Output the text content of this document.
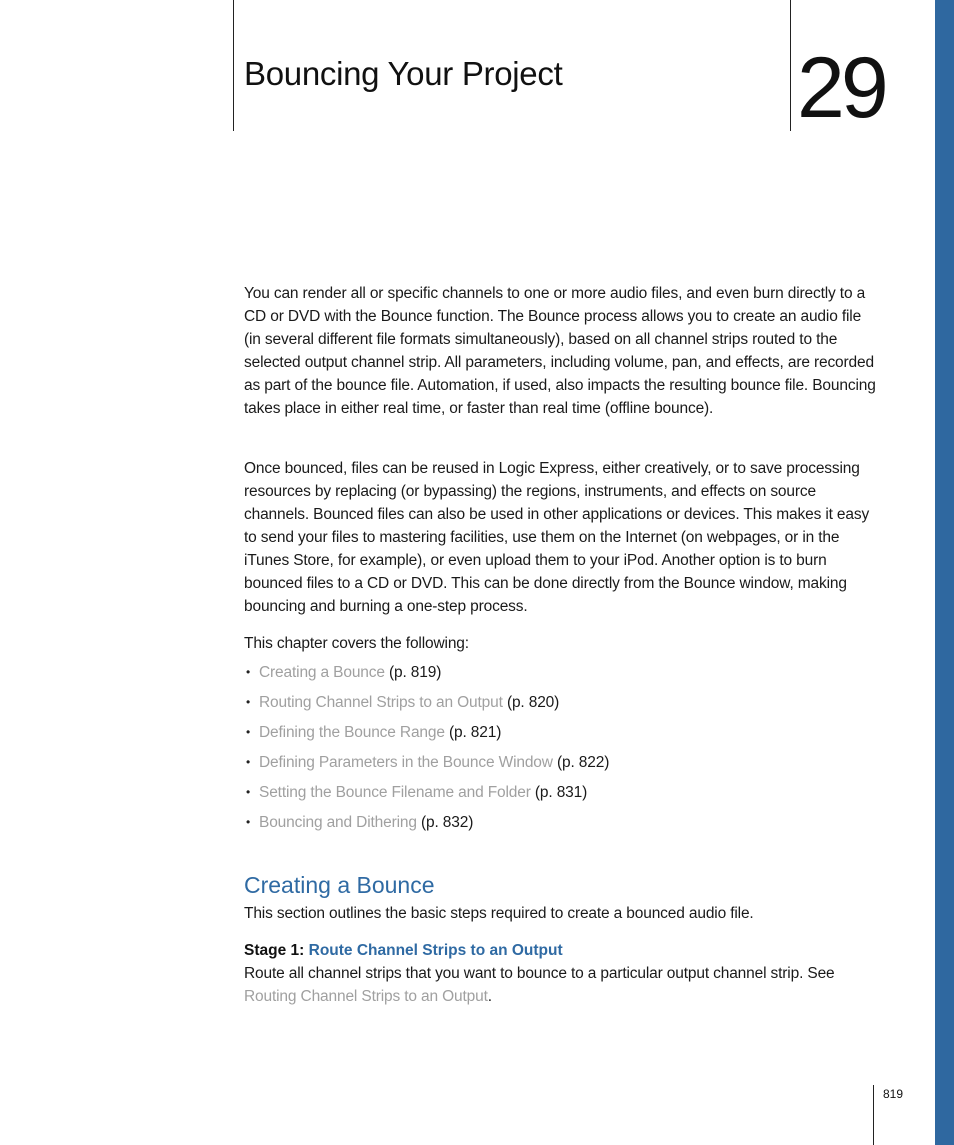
Bouncing Your Project	29

You can render all or specific channels to one or more audio files, and even burn directly to a CD or DVD with the Bounce function. The Bounce process allows you to create an audio file (in several different file formats simultaneously), based on all channel strips routed to the selected output channel strip. All parameters, including volume, pan, and effects, are recorded as part of the bounce file. Automation, if used, also impacts the resulting bounce file. Bouncing takes place in either real time, or faster than real time (offline bounce).

Once bounced, files can be reused in Logic Express, either creatively, or to save processing resources by replacing (or bypassing) the regions, instruments, and effects on source channels. Bounced files can also be used in other applications or devices. This makes it easy to send your files to mastering facilities, use them on the Internet (on webpages, or in the iTunes Store, for example), or even upload them to your iPod. Another option is to burn bounced files to a CD or DVD. This can be done directly from the Bounce window, making bouncing and burning a one-step process.

This chapter covers the following:

• Creating a Bounce (p. 819)
• Routing Channel Strips to an Output (p. 820)
• Defining the Bounce Range (p. 821)
• Defining Parameters in the Bounce Window (p. 822)
• Setting the Bounce Filename and Folder (p. 831)
• Bouncing and Dithering (p. 832)
Creating a Bounce

This section outlines the basic steps required to create a bounced audio file.

Stage 1: Route Channel Strips to an Output

Route all channel strips that you want to bounce to a particular output channel strip. See Routing Channel Strips to an Output.

819
